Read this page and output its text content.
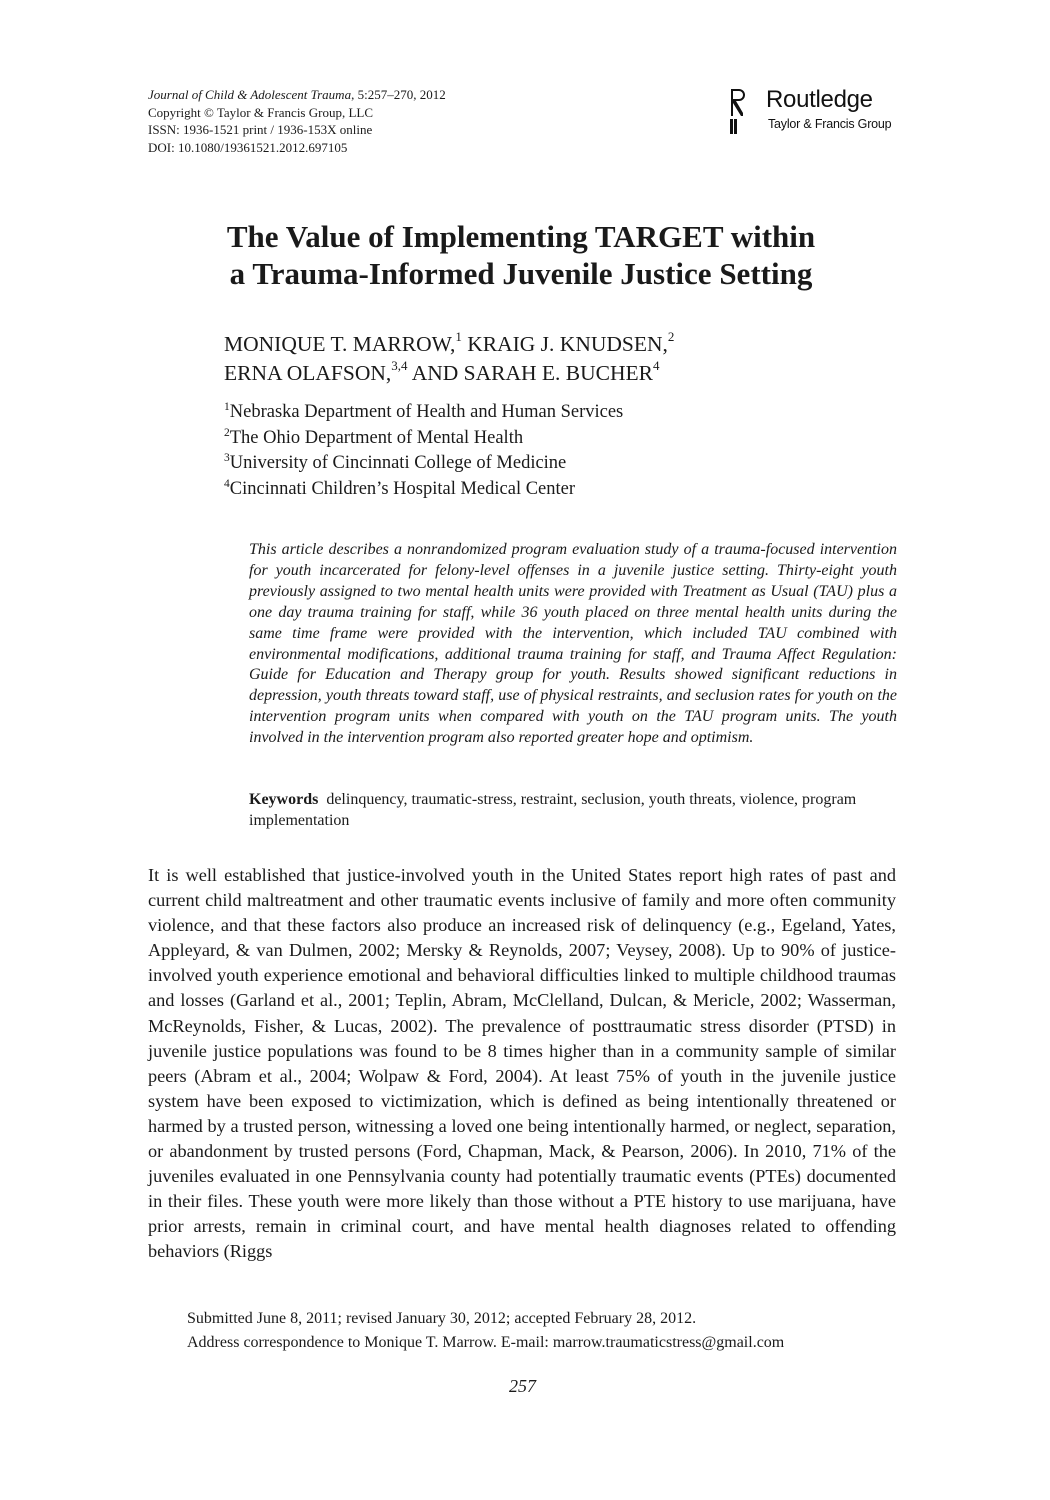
Journal of Child & Adolescent Trauma, 5:257–270, 2012
Copyright © Taylor & Francis Group, LLC
ISSN: 1936-1521 print / 1936-153X online
DOI: 10.1080/19361521.2012.697105
Routledge
Taylor & Francis Group
The Value of Implementing TARGET within
a Trauma-Informed Juvenile Justice Setting
MONIQUE T. MARROW,$^1$ KRAIG J. KNUDSEN,$^2$
ERNA OLAFSON,$^{3,4}$ AND SARAH E. BUCHER$^4$
$^1$Nebraska Department of Health and Human Services
$^2$The Ohio Department of Mental Health
$^3$University of Cincinnati College of Medicine
$^4$Cincinnati Children’s Hospital Medical Center
This article describes a nonrandomized program evaluation study of a trauma-focused intervention for youth incarcerated for felony-level offenses in a juvenile justice setting. Thirty-eight youth previously assigned to two mental health units were provided with Treatment as Usual (TAU) plus a one day trauma training for staff, while 36 youth placed on three mental health units during the same time frame were provided with the intervention, which included TAU combined with environmental modifications, additional trauma training for staff, and Trauma Affect Regulation: Guide for Education and Therapy group for youth. Results showed significant reductions in depression, youth threats toward staff, use of physical restraints, and seclusion rates for youth on the intervention program units when compared with youth on the TAU program units. The youth involved in the intervention program also reported greater hope and optimism.
Keywords delinquency, traumatic-stress, restraint, seclusion, youth threats, violence, program implementation
It is well established that justice-involved youth in the United States report high rates of past and current child maltreatment and other traumatic events inclusive of family and more often community violence, and that these factors also produce an increased risk of delinquency (e.g., Egeland, Yates, Appleyard, & van Dulmen, 2002; Mersky & Reynolds, 2007; Veysey, 2008). Up to 90% of justice-involved youth experience emotional and behavioral difficulties linked to multiple childhood traumas and losses (Garland et al., 2001; Teplin, Abram, McClelland, Dulcan, & Mericle, 2002; Wasserman, McReynolds, Fisher, & Lucas, 2002). The prevalence of posttraumatic stress disorder (PTSD) in juvenile justice populations was found to be 8 times higher than in a community sample of similar peers (Abram et al., 2004; Wolpaw & Ford, 2004). At least 75% of youth in the juvenile justice system have been exposed to victimization, which is defined as being intentionally threatened or harmed by a trusted person, witnessing a loved one being intentionally harmed, or neglect, separation, or abandonment by trusted persons (Ford, Chapman, Mack, & Pearson, 2006). In 2010, 71% of the juveniles evaluated in one Pennsylvania county had potentially traumatic events (PTEs) documented in their files. These youth were more likely than those without a PTE history to use marijuana, have prior arrests, remain in criminal court, and have mental health diagnoses related to offending behaviors (Riggs
Submitted June 8, 2011; revised January 30, 2012; accepted February 28, 2012.
Address correspondence to Monique T. Marrow. E-mail: marrow.traumaticstress@gmail.com
257
